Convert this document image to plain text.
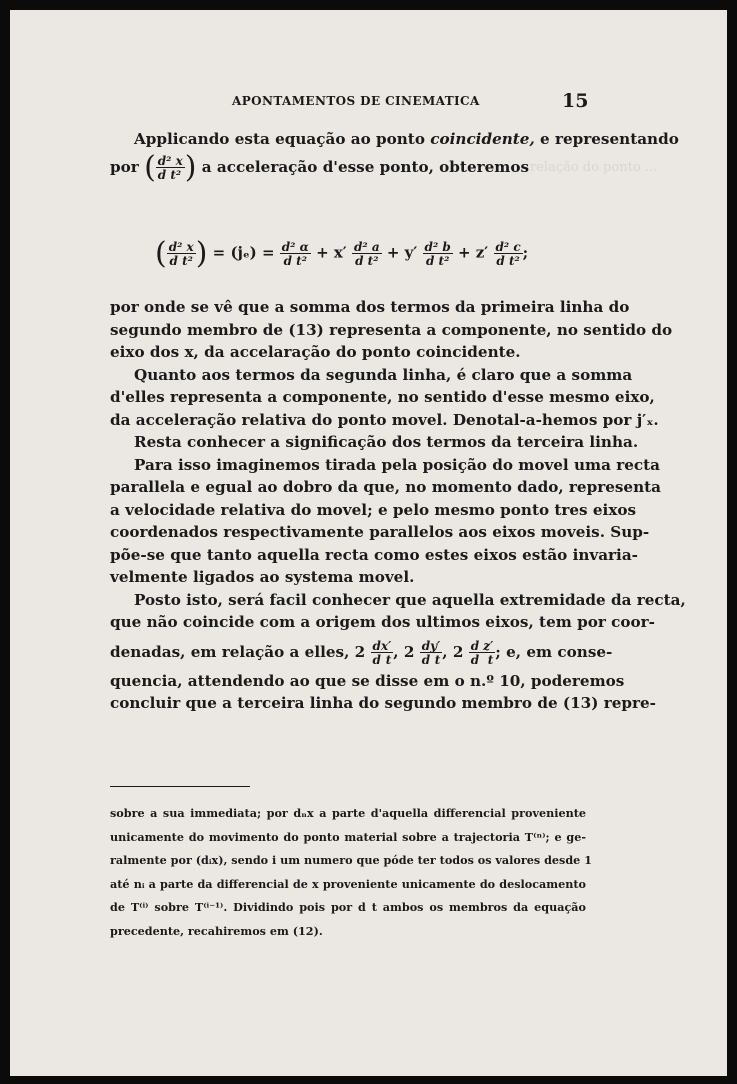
relação do ponto ...
APONTAMENTOS DE CINEMATICA	15
Applicando esta equação ao ponto coincidente, e representando
por ( $\frac{\text{d² x}}{\text{d t²}}$ ) a acceleração d'esse ponto, obteremos
( $\frac{\text{d² x}}{\text{d t²}}$ ) = $(j_e) = \frac{\text{d² α}}{\text{d t²}} + x' \frac{\text{d² a}}{\text{d t²}} + y' \frac{\text{d² b}}{\text{d t²}} + z' \frac{\text{d² c}}{\text{d t²}}$ ;
por onde se vê que a somma dos termos da primeira linha do
segundo membro de (13) representa a componente, no sentido do
eixo dos x, da accelaração do ponto coincidente.
Quanto aos termos da segunda linha, é claro que a somma
d'elles representa a componente, no sentido d'esse mesmo eixo,
da acceleração relativa do ponto movel. Denotal-a-hemos por j′ₓ.
Resta conhecer a significação dos termos da terceira linha.
Para isso imaginemos tirada pela posição do movel uma recta
parallela e egual ao dobro da que, no momento dado, representa
a velocidade relativa do movel; e pelo mesmo ponto tres eixos
coordenados respectivamente parallelos aos eixos moveis. Sup-
põe-se que tanto aquella recta como estes eixos estão invaria-
velmente ligados ao systema movel.
Posto isto, será facil conhecer que aquella extremidade da recta,
que não coincide com a origem dos ultimos eixos, tem por coor-
denadas, em relação a elles, $2 \frac{dx'}{\text{d t}}$ , $2 \frac{dy'}{\text{d t}}$ , $2 \frac{\text{d z′}}{\text{d t}}$ ; e, em conse-
quencia, attendendo ao que se disse em o n.º 10, poderemos
concluir que a terceira linha do segundo membro de (13) repre-
sobre a sua immediata; por dₙx a parte d'aquella differencial proveniente
unicamente do movimento do ponto material sobre a trajectoria T⁽ⁿ⁾; e ge-
ralmente por (dᵢx), sendo i um numero que póde ter todos os valores desde 1
até nᵢ a parte da differencial de x proveniente unicamente do deslocamento
de T⁽ⁱ⁾ sobre T⁽ⁱ⁻¹⁾. Dividindo pois por d t ambos os membros da equação
precedente, recahiremos em (12).
